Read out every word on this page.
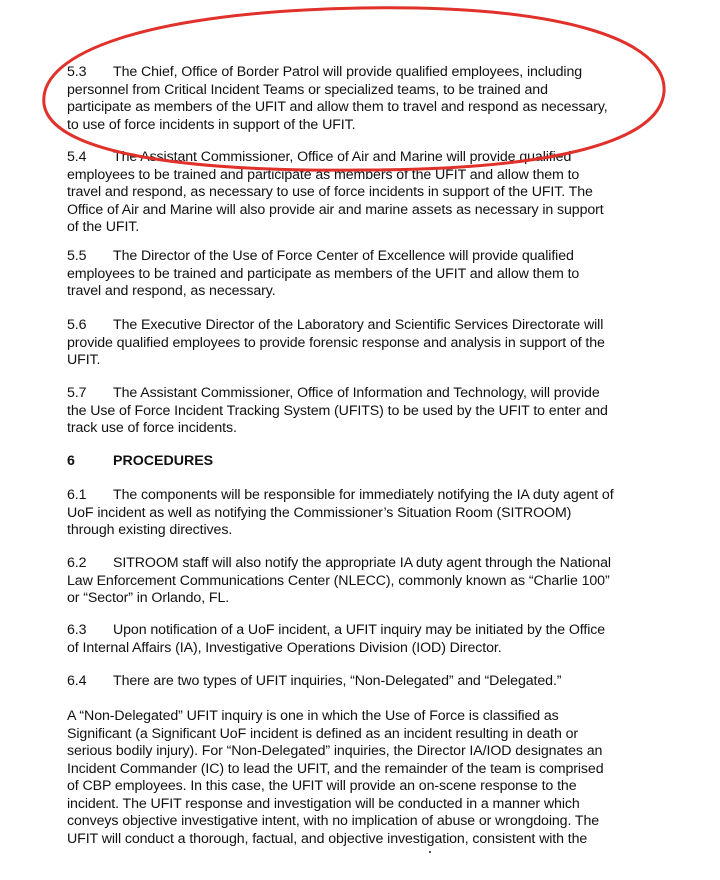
5.3 The Chief, Office of Border Patrol will provide qualified employees, including
personnel from Critical Incident Teams or specialized teams, to be trained and
participate as members of the UFIT and allow them to travel and respond as necessary,
to use of force incidents in support of the UFIT.
5.4 The Assistant Commissioner, Office of Air and Marine will provide qualified
employees to be trained and participate as members of the UFIT and allow them to
travel and respond, as necessary to use of force incidents in support of the UFIT. The
Office of Air and Marine will also provide air and marine assets as necessary in support
of the UFIT.
5.5 The Director of the Use of Force Center of Excellence will provide qualified
employees to be trained and participate as members of the UFIT and allow them to
travel and respond, as necessary.
5.6 The Executive Director of the Laboratory and Scientific Services Directorate will
provide qualified employees to provide forensic response and analysis in support of the
UFIT.
5.7 The Assistant Commissioner, Office of Information and Technology, will provide
the Use of Force Incident Tracking System (UFITS) to be used by the UFIT to enter and
track use of force incidents.
6	PROCEDURES
6.1 The components will be responsible for immediately notifying the IA duty agent of
UoF incident as well as notifying the Commissioner’s Situation Room (SITROOM)
through existing directives.
6.2 SITROOM staff will also notify the appropriate IA duty agent through the National
Law Enforcement Communications Center (NLECC), commonly known as “Charlie 100”
or “Sector” in Orlando, FL.
6.3 Upon notification of a UoF incident, a UFIT inquiry may be initiated by the Office
of Internal Affairs (IA), Investigative Operations Division (IOD) Director.
6.4 There are two types of UFIT inquiries, “Non-Delegated” and “Delegated.”
A “Non-Delegated” UFIT inquiry is one in which the Use of Force is classified as
Significant (a Significant UoF incident is defined as an incident resulting in death or
serious bodily injury). For “Non-Delegated” inquiries, the Director IA/IOD designates an
Incident Commander (IC) to lead the UFIT, and the remainder of the team is comprised
of CBP employees. In this case, the UFIT will provide an on-scene response to the
incident. The UFIT response and investigation will be conducted in a manner which
conveys objective investigative intent, with no implication of abuse or wrongdoing. The
UFIT will conduct a thorough, factual, and objective investigation, consistent with the
